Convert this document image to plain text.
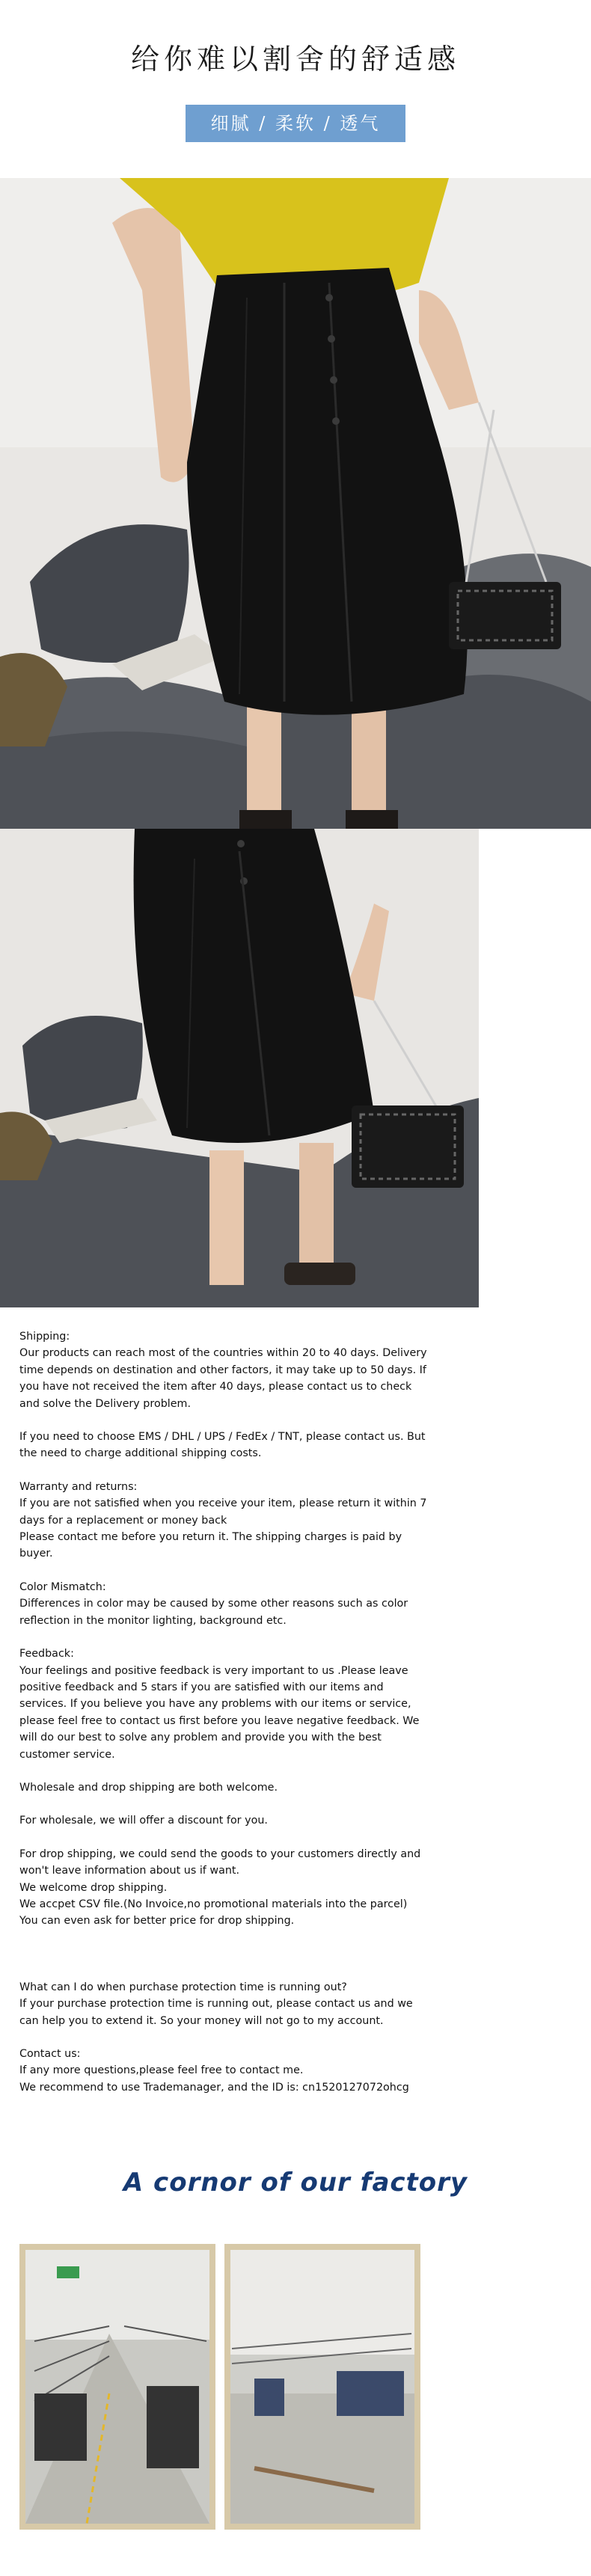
给你难以割舍的舒适感
细腻 / 柔软 / 透气

Shipping:

Our products can reach most of the countries within 20 to 40 days. Delivery time depends on destination and other factors, it may take up to 50 days. If you have not received the item after 40 days, please contact us to check and solve the Delivery problem.

If you need to choose EMS / DHL / UPS / FedEx / TNT, please contact us. But the need to charge additional shipping costs.

Warranty and returns:

If you are not satisfied when you receive your item, please return it within 7 days for a replacement or money back

Please contact me before you return it. The shipping charges is paid by buyer.

Color Mismatch:

Differences in color may be caused by some other reasons such as color reflection in the monitor lighting, background etc.

Feedback:

Your feelings and positive feedback is very important to us .Please leave positive feedback and 5 stars if you are satisfied with our items and services. If you believe you have any problems with our items or service, please feel free to contact us first before you leave negative feedback. We will do our best to solve any problem and provide you with the best customer service.

Wholesale and drop shipping are both welcome.

For wholesale, we will offer a discount for you.

For drop shipping, we could send the goods to your customers directly and won't leave information about us if want.

We welcome drop shipping.

We accpet CSV file.(No Invoice,no promotional materials into the parcel)

You can even ask for better price for drop shipping.

What can I do when purchase protection time is running out?

If your purchase protection time is running out, please contact us and we can help you to extend it. So your money will not go to my account.

Contact us:

If any more questions,please feel free to contact me.

We recommend to use Trademanager, and the ID is: cn1520127072ohcg

A cornor of our factory
